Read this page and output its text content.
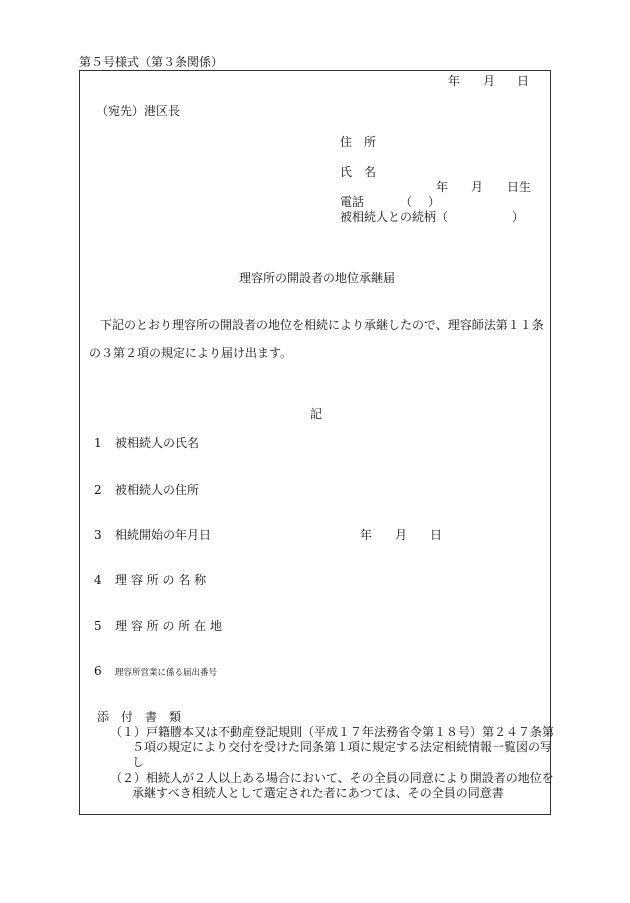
第５号様式（第３条関係）
年 月 日
（宛先）港区長
住　所
氏　名
年 月 日生
電話	（ ）
被相続人との続柄（	）
理容所の開設者の地位承継届
下記のとおり理容所の開設者の地位を相続により承継したので、理容師法第１１条
の３第２項の規定により届け出ます。
記
1 被相続人の氏名
2 被相続人の住所
3 相続開始の年月日	年 月 日
4 理 容 所 の 名 称
5 理 容 所 の 所 在 地
6 理容所営業に係る届出番号
添　付　書　類
（１）戸籍謄本又は不動産登記規則（平成１７年法務省令第１８号）第２４７条第
５項の規定により交付を受けた同条第１項に規定する法定相続情報一覧図の写
し
（２）相続人が２人以上ある場合において、その全員の同意により開設者の地位を
承継すべき相続人として選定された者にあつては、その全員の同意書
